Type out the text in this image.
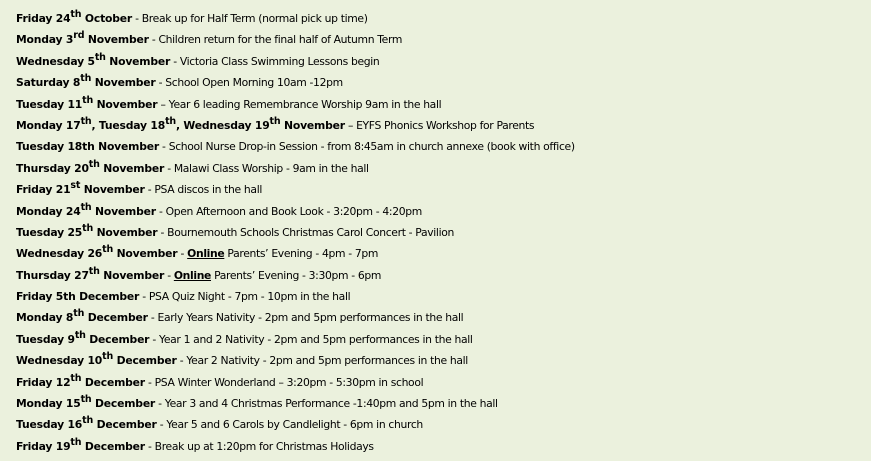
Friday 24th October - Break up for Half Term (normal pick up time)
Monday 3rd November - Children return for the final half of Autumn Term
Wednesday 5th November - Victoria Class Swimming Lessons begin
Saturday 8th November - School Open Morning 10am -12pm
Tuesday 11th November – Year 6 leading Remembrance Worship 9am in the hall
Monday 17th, Tuesday 18th, Wednesday 19th November – EYFS Phonics Workshop for Parents
Tuesday 18th November - School Nurse Drop-in Session - from 8:45am in church annexe (book with office)
Thursday 20th November - Malawi Class Worship - 9am in the hall
Friday 21st November - PSA discos in the hall
Monday 24th November - Open Afternoon and Book Look - 3:20pm - 4:20pm
Tuesday 25th November - Bournemouth Schools Christmas Carol Concert - Pavilion
Wednesday 26th November - Online Parents’ Evening - 4pm - 7pm
Thursday 27th November - Online Parents’ Evening - 3:30pm - 6pm
Friday 5th December - PSA Quiz Night - 7pm - 10pm in the hall
Monday 8th December - Early Years Nativity - 2pm and 5pm performances in the hall
Tuesday 9th December - Year 1 and 2 Nativity - 2pm and 5pm performances in the hall
Wednesday 10th December - Year 2 Nativity - 2pm and 5pm performances in the hall
Friday 12th December - PSA Winter Wonderland – 3:20pm - 5:30pm in school
Monday 15th December - Year 3 and 4 Christmas Performance -1:40pm and 5pm in the hall
Tuesday 16th December - Year 5 and 6 Carols by Candlelight - 6pm in church
Friday 19th December - Break up at 1:20pm for Christmas Holidays
